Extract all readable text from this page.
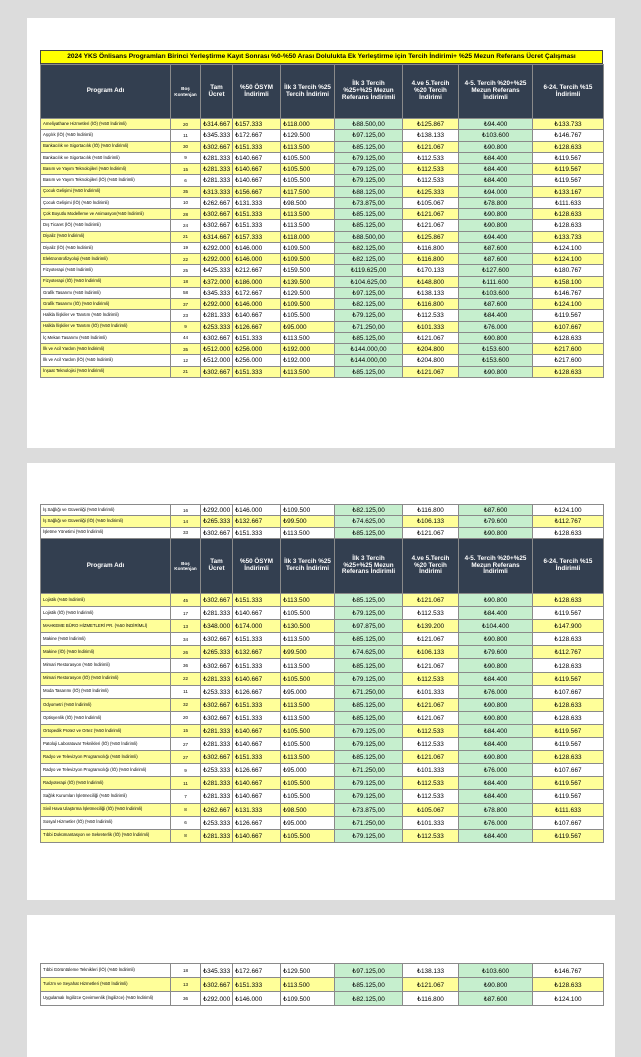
2024 YKS Önlisans Programları Birinci Yerleştirme Kayıt Sonrası %0-%50 Arası Dolulukta Ek Yerleştirme için Tercih İndirimi+ %25 Mezun Referans Ücret Çalışması
Program Adı	Boş Kontenjan	Tam Ücret	%50 ÖSYM İndirimli	İlk 3 Tercih %25 Tercih İndirimi	İlk 3 Tercih %25+%25 Mezun Referans İndirimli	4.ve 5.Tercih %20 Tercih İndirimi	4-5. Tercih %20+%25 Mezun Referans İndirimli	6-24. Tercih %15 İndirimli
Ameliyathane Hizmetleri (İÖ) (%50 İndirimli)	20	₺314.667	₺157.333	₺118.000	₺88.500,00	₺125.867	₺94.400	₺133.733
Aşçılık (İÖ) (%50 İndirimli)	11	₺345.333	₺172.667	₺129.500	₺97.125,00	₺138.133	₺103.600	₺146.767
Bankacılık ve Sigortacılık (İÖ) (%50 İndirimli)	30	₺302.667	₺151.333	₺113.500	₺85.125,00	₺121.067	₺90.800	₺128.633
Bankacılık ve Sigortacılık (%50 İndirimli)	9	₺281.333	₺140.667	₺105.500	₺79.125,00	₺112.533	₺84.400	₺119.567
Basım ve Yayım Teknolojileri (%50 İndirimli)	15	₺281.333	₺140.667	₺105.500	₺79.125,00	₺112.533	₺84.400	₺119.567
Basım ve Yayım Teknolojileri (İÖ) (%50 İndirimli)	6	₺281.333	₺140.667	₺105.500	₺79.125,00	₺112.533	₺84.400	₺119.567
Çocuk Gelişimi (%50 İndirimli)	35	₺313.333	₺156.667	₺117.500	₺88.125,00	₺125.333	₺94.000	₺133.167
Çocuk Gelişimi (İÖ) (%50 İndirimli)	10	₺262.667	₺131.333	₺98.500	₺73.875,00	₺105.067	₺78.800	₺111.633
Çok Boyutlu Modelleme ve Animasyon(%50 İndirimli)	28	₺302.667	₺151.333	₺113.500	₺85.125,00	₺121.067	₺90.800	₺128.633
Dış Ticaret (İÖ) (%50 İndirimli)	24	₺302.667	₺151.333	₺113.500	₺85.125,00	₺121.067	₺90.800	₺128.633
Diyaliz (%50 İndirimli)	21	₺314.667	₺157.333	₺118.000	₺88.500,00	₺125.867	₺94.400	₺133.733
Diyaliz (İÖ) (%50 İndirimli)	19	₺292.000	₺146.000	₺109.500	₺82.125,00	₺116.800	₺87.600	₺124.100
Elektronörofizyoloji (%50 İndirimli)	22	₺292.000	₺146.000	₺109.500	₺82.125,00	₺116.800	₺87.600	₺124.100
Fizyoterapi (%50 İndirimli)	25	₺425.333	₺212.667	₺159.500	₺119.625,00	₺170.133	₺127.600	₺180.767
Fizyoterapi (İÖ) (%50 İndirimli)	18	₺372.000	₺186.000	₺139.500	₺104.625,00	₺148.800	₺111.600	₺158.100
Grafik Tasarımı (%50 İndirimli)	58	₺345.333	₺172.667	₺129.500	₺97.125,00	₺138.133	₺103.600	₺146.767
Grafik Tasarımı (İÖ) (%50 İndirimli)	37	₺292.000	₺146.000	₺109.500	₺82.125,00	₺116.800	₺87.600	₺124.100
Halkla İlişkiler ve Tanıtım (%50 İndirimli)	23	₺281.333	₺140.667	₺105.500	₺79.125,00	₺112.533	₺84.400	₺119.567
Halkla İlişkiler ve Tanıtım (İÖ) (%50 İndirimli)	9	₺253.333	₺126.667	₺95.000	₺71.250,00	₺101.333	₺76.000	₺107.667
İç Mekan Tasarımı (%50 İndirimli)	44	₺302.667	₺151.333	₺113.500	₺85.125,00	₺121.067	₺90.800	₺128.633
İlk ve Acil Yardım (%50 İndirimli)	35	₺512.000	₺256.000	₺192.000	₺144.000,00	₺204.800	₺153.600	₺217.600
İlk ve Acil Yardım (İÖ) (%50 İndirimli)	12	₺512.000	₺256.000	₺192.000	₺144.000,00	₺204.800	₺153.600	₺217.600
İnşaat Teknolojisi (%50 İndirimli)	21	₺302.667	₺151.333	₺113.500	₺85.125,00	₺121.067	₺90.800	₺128.633
İş Sağlığı ve Güvenliği (%50 İndirimli)	16	₺292.000	₺146.000	₺109.500	₺82.125,00	₺116.800	₺87.600	₺124.100
İş Sağlığı ve Güvenliği (İÖ) (%50 İndirimli)	14	₺265.333	₺132.667	₺99.500	₺74.625,00	₺106.133	₺79.600	₺112.767
İşletme Yönetimi (%50 İndirimli)	33	₺302.667	₺151.333	₺113.500	₺85.125,00	₺121.067	₺90.800	₺128.633
Program Adı	Boş Kontenjan	Tam Ücret	%50 ÖSYM İndirimli	İlk 3 Tercih %25 Tercih İndirimi	İlk 3 Tercih %25+%25 Mezun Referans İndirimli	4.ve 5.Tercih %20 Tercih İndirimi	4-5. Tercih %20+%25 Mezun Referans İndirimli	6-24. Tercih %15 İndirimli
Lojistik (%50 İndirimli)	45	₺302.667	₺151.333	₺113.500	₺85.125,00	₺121.067	₺90.800	₺128.633
Lojistik (İÖ) (%50 İndirimli)	17	₺281.333	₺140.667	₺105.500	₺79.125,00	₺112.533	₺84.400	₺119.567
MAHKEME BÜRO HİZMETLERİ PR. (%50 İNDİRİMLİ)	13	₺348.000	₺174.000	₺130.500	₺97.875,00	₺139.200	₺104.400	₺147.900
Makine (%50 İndirimli)	34	₺302.667	₺151.333	₺113.500	₺85.125,00	₺121.067	₺90.800	₺128.633
Makine (İÖ) (%50 İndirimli)	26	₺265.333	₺132.667	₺99.500	₺74.625,00	₺106.133	₺79.600	₺112.767
Mimari Restorasyon (%50 İndirimli)	36	₺302.667	₺151.333	₺113.500	₺85.125,00	₺121.067	₺90.800	₺128.633
Mimari Restorasyon (İÖ) (%50 İndirimli)	22	₺281.333	₺140.667	₺105.500	₺79.125,00	₺112.533	₺84.400	₺119.567
Moda Tasarımı (İÖ) (%50 İndirimli)	11	₺253.333	₺126.667	₺95.000	₺71.250,00	₺101.333	₺76.000	₺107.667
Odyometri (%50 İndirimli)	32	₺302.667	₺151.333	₺113.500	₺85.125,00	₺121.067	₺90.800	₺128.633
Optisyenlik (İÖ) (%50 İndirimli)	20	₺302.667	₺151.333	₺113.500	₺85.125,00	₺121.067	₺90.800	₺128.633
Ortopedik Protez ve Ortez (%50 İndirimli)	15	₺281.333	₺140.667	₺105.500	₺79.125,00	₺112.533	₺84.400	₺119.567
Patoloji Laboratuvar Teknikleri (İÖ) (%50 İndirimli)	27	₺281.333	₺140.667	₺105.500	₺79.125,00	₺112.533	₺84.400	₺119.567
Radyo ve Televizyon Programcılığı (%50 İndirimli)	27	₺302.667	₺151.333	₺113.500	₺85.125,00	₺121.067	₺90.800	₺128.633
Radyo ve Televizyon Programcılığı (İÖ) (%50 İndirimli)	9	₺253.333	₺126.667	₺95.000	₺71.250,00	₺101.333	₺76.000	₺107.667
Radyoterapi (İÖ) (%50 İndirimli)	11	₺281.333	₺140.667	₺105.500	₺79.125,00	₺112.533	₺84.400	₺119.567
Sağlık Kurumları İşletmeciliği (%50 İndirimli)	7	₺281.333	₺140.667	₺105.500	₺79.125,00	₺112.533	₺84.400	₺119.567
Sivil Hava Ulaştırma İşletmeciliği (İÖ) (%50 İndirimli)	8	₺262.667	₺131.333	₺98.500	₺73.875,00	₺105.067	₺78.800	₺111.633
Sosyal Hizmetler (İÖ) (%50 İndirimli)	6	₺253.333	₺126.667	₺95.000	₺71.250,00	₺101.333	₺76.000	₺107.667
Tıbbi Dokümantasyon ve Sekreterlik (İÖ) (%50 İndirimli)	8	₺281.333	₺140.667	₺105.500	₺79.125,00	₺112.533	₺84.400	₺119.567
Tıbbi Görüntüleme Teknikleri (İÖ) (%50 İndirimli)	18	₺345.333	₺172.667	₺129.500	₺97.125,00	₺138.133	₺103.600	₺146.767
Turizm ve Seyahat Hizmetleri (%50 İndirimli)	13	₺302.667	₺151.333	₺113.500	₺85.125,00	₺121.067	₺90.800	₺128.633
Uygulamalı İngilizce Çevirmenlik (İngilizce) (%50 İndirimli)	36	₺292.000	₺146.000	₺109.500	₺82.125,00	₺116.800	₺87.600	₺124.100
